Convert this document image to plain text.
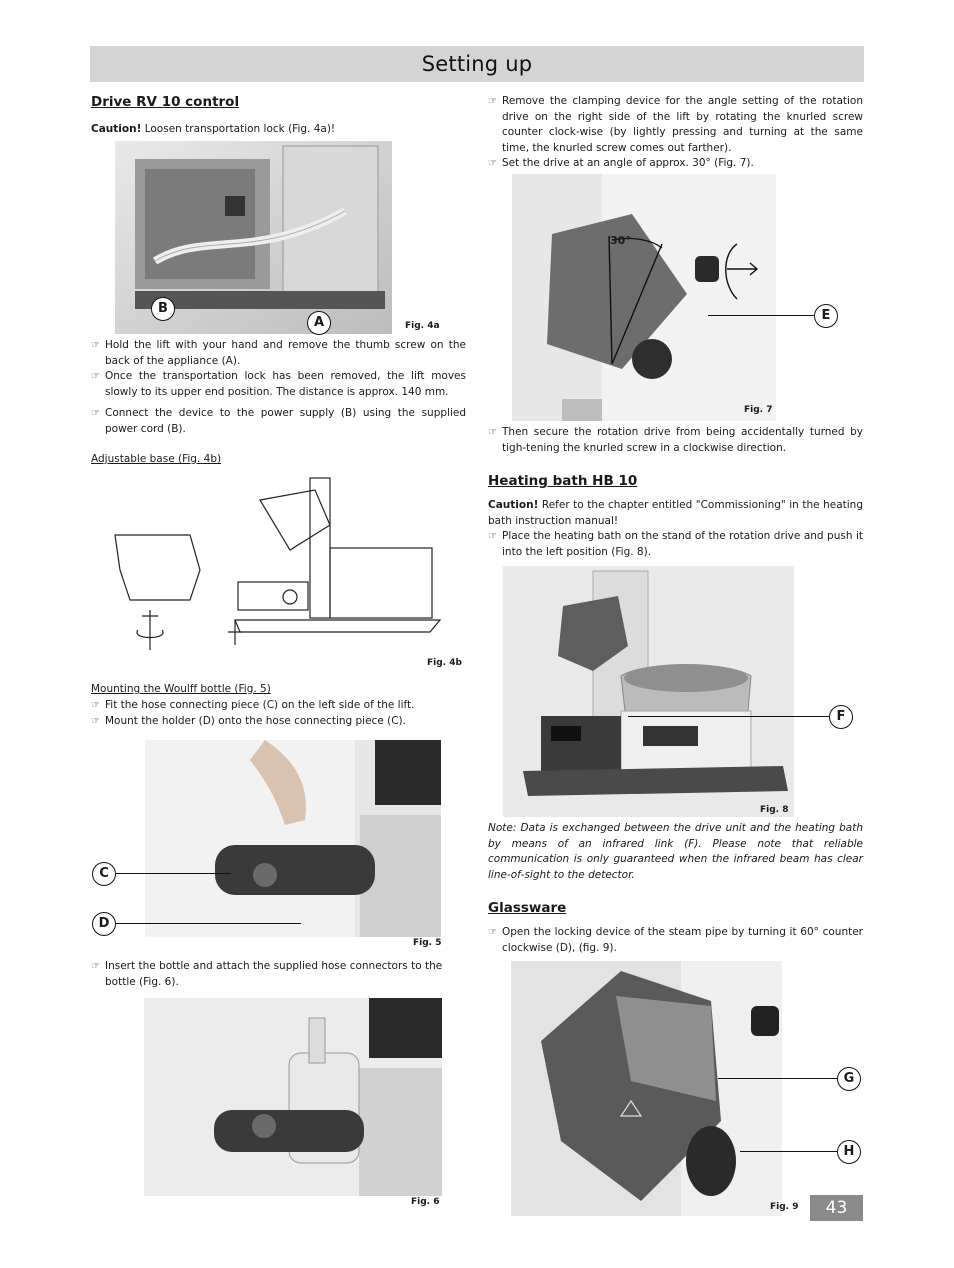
Setting up
Drive RV 10 control
Caution! Loosen transportation lock (Fig. 4a)!
B
A	Fig. 4a
☞ Hold the lift with your hand and remove the thumb screw on the back of the appliance (A).
☞ Once the transportation lock has been removed, the lift moves slowly to its upper end position. The distance is approx. 140 mm.
☞ Connect the device to the power supply (B) using the supplied power cord (B).
Adjustable base (Fig. 4b)
Fig. 4b
Mounting the Woulff bottle (Fig. 5)
☞ Fit the hose connecting piece (C) on the left side of the lift.
☞ Mount the holder (D) onto the hose connecting piece (C).
C
D
Fig. 5
☞ Insert the bottle and attach the supplied hose connectors to the bottle (Fig. 6).
Fig. 6
☞ Remove the clamping device for the angle setting of the rotation drive on the right side of the lift by rotating the knurled screw counter clock-wise (by lightly pressing and turning at the same time, the knurled screw comes out farther).
☞ Set the drive at an angle of approx. 30° (Fig. 7).
30°
E
Fig. 7
☞ Then secure the rotation drive from being accidentally turned by tigh-tening the knurled screw in a clockwise direction.
Heating bath HB 10
Caution! Refer to the chapter entitled "Commissioning" in the heating bath instruction manual!
☞ Place the heating bath on the stand of the rotation drive and push it into the left position (Fig. 8).
F
Fig. 8
Note: Data is exchanged between the drive unit and the heating bath by means of an infrared link (F). Please note that reliable communication is only guaranteed when the infrared beam has clear line-of-sight to the detector.
Glassware
☞ Open the locking device of the steam pipe by turning it 60° counter clockwise (D), (fig. 9).
G
H
Fig. 9	43
